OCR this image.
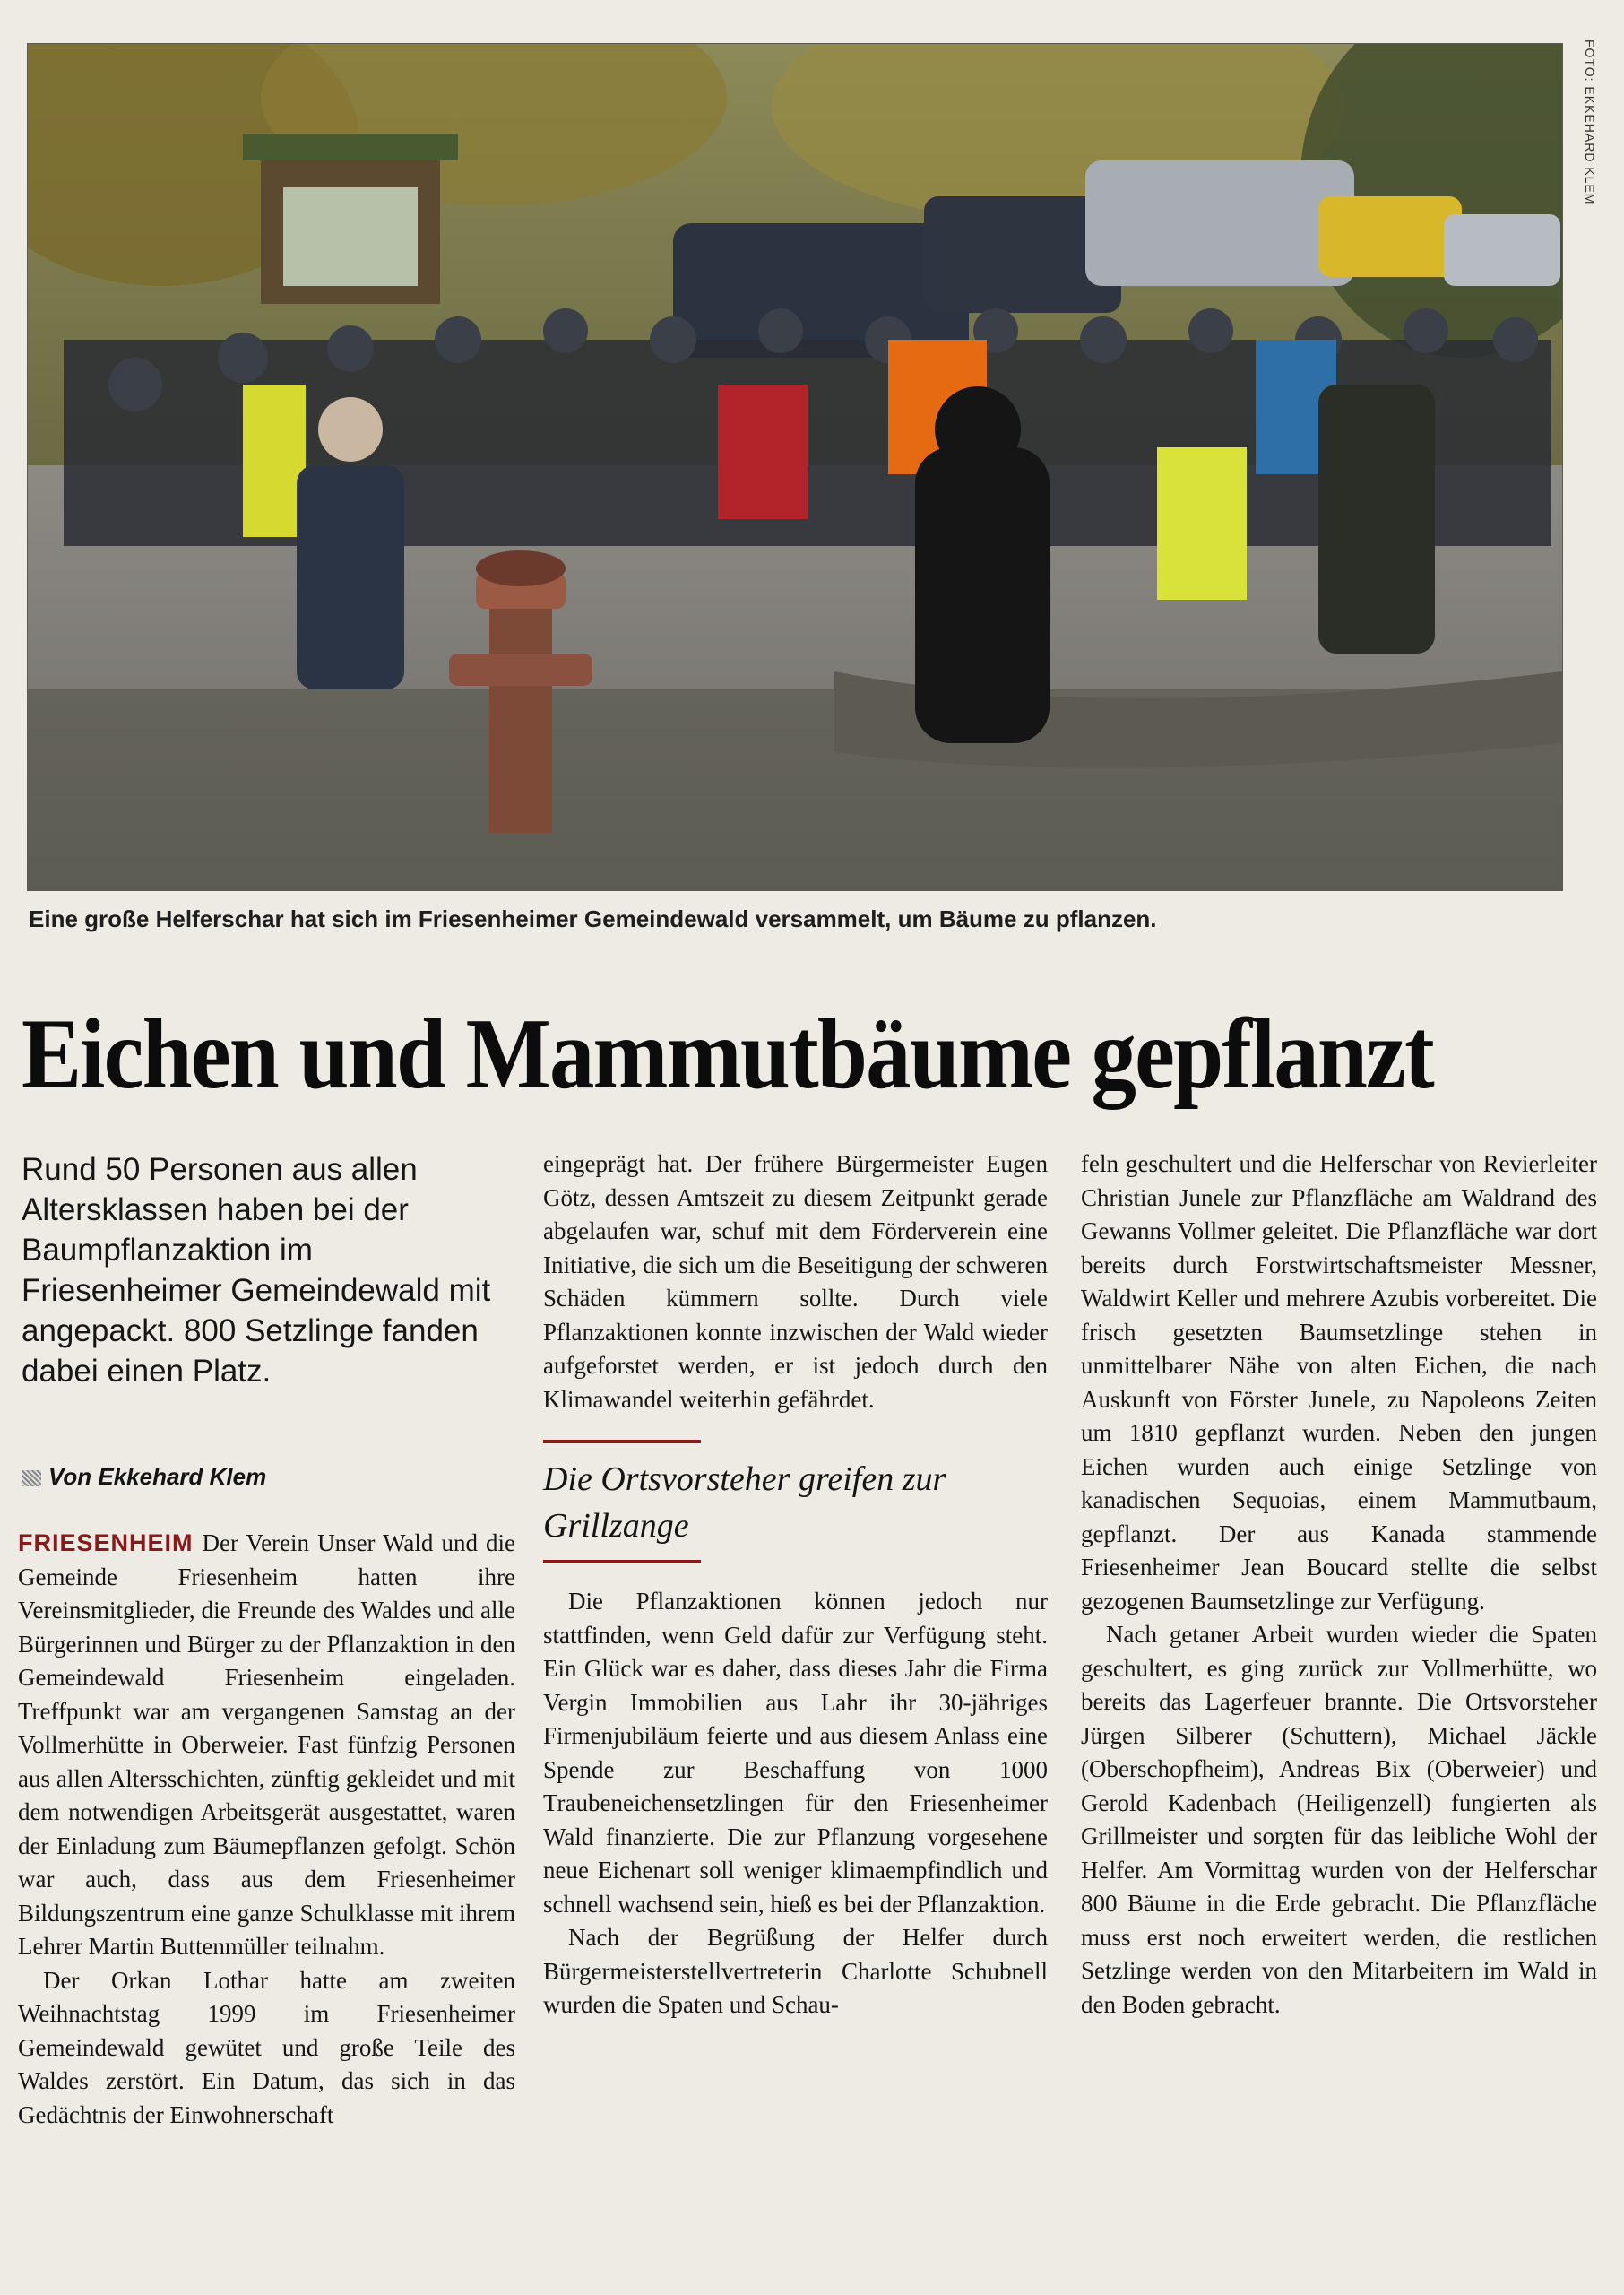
FOTO: EKKEHARD KLEM
Eine große Helferschar hat sich im Friesenheimer Gemeindewald versammelt, um Bäume zu pflanzen.
Eichen und Mammutbäume gepflanzt
Rund 50 Personen aus allen Altersklassen haben bei der Baumpflanzaktion im Friesenheimer Gemeindewald mit angepackt. 800 Setzlinge fanden dabei einen Platz.
Von Ekkehard Klem

FRIESENHEIM Der Verein Unser Wald und die Gemeinde Friesenheim hatten ihre Vereinsmitglieder, die Freunde des Waldes und alle Bürgerinnen und Bürger zu der Pflanzaktion in den Gemeindewald Friesenheim eingeladen. Treffpunkt war am vergangenen Samstag an der Vollmerhütte in Oberweier. Fast fünfzig Personen aus allen Altersschichten, zünftig gekleidet und mit dem notwendigen Arbeitsgerät ausgestattet, waren der Einladung zum Bäumepflanzen gefolgt. Schön war auch, dass aus dem Friesenheimer Bildungszentrum eine ganze Schulklasse mit ihrem Lehrer Martin Buttenmüller teilnahm.

Der Orkan Lothar hatte am zweiten Weihnachtstag 1999 im Friesenheimer Gemeindewald gewütet und große Teile des Waldes zerstört. Ein Datum, das sich in das Gedächtnis der Einwohnerschaft

eingeprägt hat. Der frühere Bürgermeister Eugen Götz, dessen Amtszeit zu diesem Zeitpunkt gerade abgelaufen war, schuf mit dem Förderverein eine Initiative, die sich um die Beseitigung der schweren Schäden kümmern sollte. Durch viele Pflanzaktionen konnte inzwischen der Wald wieder aufgeforstet werden, er ist jedoch durch den Klimawandel weiterhin gefährdet.

Die Ortsvorsteher greifen zur Grillzange

Die Pflanzaktionen können jedoch nur stattfinden, wenn Geld dafür zur Verfügung steht. Ein Glück war es daher, dass dieses Jahr die Firma Vergin Immobilien aus Lahr ihr 30-jähriges Firmenjubiläum feierte und aus diesem Anlass eine Spende zur Beschaffung von 1000 Traubeneichensetzlingen für den Friesenheimer Wald finanzierte. Die zur Pflanzung vorgesehene neue Eichenart soll weniger klimaempfindlich und schnell wachsend sein, hieß es bei der Pflanzaktion.

Nach der Begrüßung der Helfer durch Bürgermeisterstellvertreterin Charlotte Schubnell wurden die Spaten und Schau-

feln geschultert und die Helferschar von Revierleiter Christian Junele zur Pflanzfläche am Waldrand des Gewanns Vollmer geleitet. Die Pflanzfläche war dort bereits durch Forstwirtschaftsmeister Messner, Waldwirt Keller und mehrere Azubis vorbereitet. Die frisch gesetzten Baumsetzlinge stehen in unmittelbarer Nähe von alten Eichen, die nach Auskunft von Förster Junele, zu Napoleons Zeiten um 1810 gepflanzt wurden. Neben den jungen Eichen wurden auch einige Setzlinge von kanadischen Sequoias, einem Mammutbaum, gepflanzt. Der aus Kanada stammende Friesenheimer Jean Boucard stellte die selbst gezogenen Baumsetzlinge zur Verfügung.

Nach getaner Arbeit wurden wieder die Spaten geschultert, es ging zurück zur Vollmerhütte, wo bereits das Lagerfeuer brannte. Die Ortsvorsteher Jürgen Silberer (Schuttern), Michael Jäckle (Oberschopfheim), Andreas Bix (Oberweier) und Gerold Kadenbach (Heiligenzell) fungierten als Grillmeister und sorgten für das leibliche Wohl der Helfer. Am Vormittag wurden von der Helferschar 800 Bäume in die Erde gebracht. Die Pflanzfläche muss erst noch erweitert werden, die restlichen Setzlinge werden von den Mitarbeitern im Wald in den Boden gebracht.
